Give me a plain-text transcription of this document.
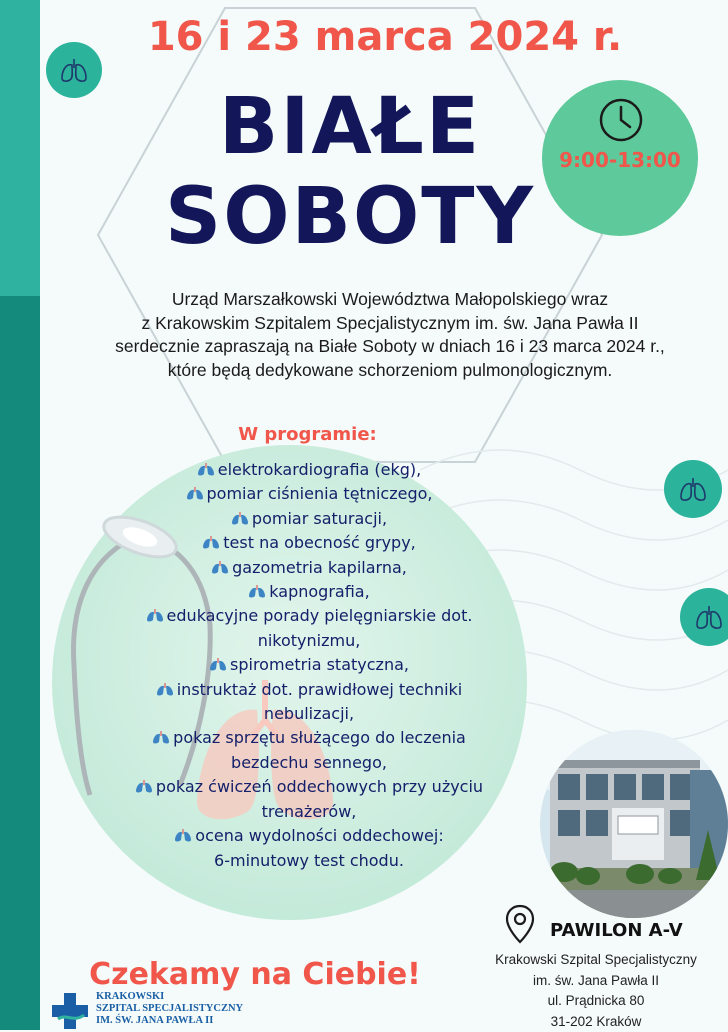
16 i 23 marca 2024 r.
BIAŁE
SOBOTY
9:00-13:00
Urząd Marszałkowski Województwa Małopolskiego wraz
z Krakowskim Szpitalem Specjalistycznym im. św. Jana Pawła II
serdecznie zapraszają na Białe Soboty w dniach 16 i 23 marca 2024 r.,
które będą dedykowane schorzeniom pulmonologicznym.
W programie:
elektrokardiografia (ekg),
pomiar ciśnienia tętniczego,
pomiar saturacji,
test na obecność grypy,
gazometria kapilarna,
kapnografia,
edukacyjne porady pielęgniarskie dot.
nikotynizmu,
spirometria statyczna,
instruktaż dot. prawidłowej techniki
nebulizacji,
pokaz sprzętu służącego do leczenia
bezdechu sennego,
pokaz ćwiczeń oddechowych przy użyciu
trenażerów,
ocena wydolności oddechowej:
6-minutowy test chodu.
PAWILON A-V
Krakowski Szpital Specjalistyczny
im. św. Jana Pawła II
ul. Prądnicka 80
31-202 Kraków
Czekamy na Ciebie!
KRAKOWSKI
SZPITAL SPECJALISTYCZNY
IM. ŚW. JANA PAWŁA II
